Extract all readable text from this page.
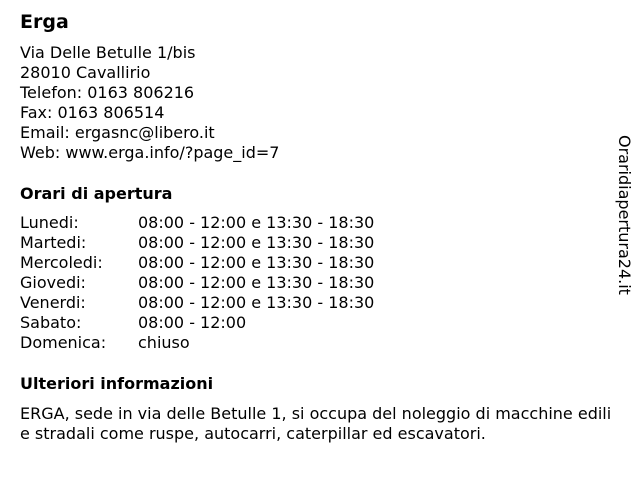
Erga
Via Delle Betulle 1/bis
28010 Cavallirio
Telefon: 0163 806216
Fax: 0163 806514
Email: ergasnc@libero.it
Web: www.erga.info/?page_id=7
Orari di apertura
Lunedi:	08:00 - 12:00 e 13:30 - 18:30
Martedi:	08:00 - 12:00 e 13:30 - 18:30
Mercoledi:	08:00 - 12:00 e 13:30 - 18:30
Giovedi:	08:00 - 12:00 e 13:30 - 18:30
Venerdi:	08:00 - 12:00 e 13:30 - 18:30
Sabato:	08:00 - 12:00
Domenica:	chiuso
Ulteriori informazioni

ERGA, sede in via delle Betulle 1, si occupa del noleggio di macchine edili e stradali come ruspe, autocarri, caterpillar ed escavatori.

Oraridiapertura24.it
